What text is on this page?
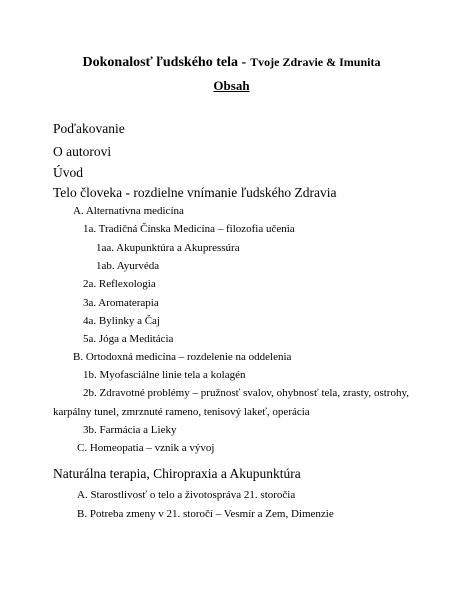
Dokonalosť ľudského tela - Tvoje Zdravie & Imunita
Obsah
Poďakovanie
O autorovi
Úvod
Telo človeka - rozdielne vnímanie ľudského Zdravia
A. Alternatívna medicína
1a. Tradičná Čínska Medicína – filozofia učenia
1aa. Akupunktúra a Akupressúra
1ab. Ayurvéda
2a. Reflexologia
3a. Aromaterapia
4a. Bylinky a Čaj
5a. Jóga a Meditácia
B. Ortodoxná medicína – rozdelenie na oddelenia
1b. Myofasciálne linie tela a kolagén
2b. Zdravotné problémy – pružnosť svalov, ohybnosť tela, zrasty, ostrohy,
karpálny tunel, zmrznuté rameno, tenisový lakeť, operácia
3b. Farmácia a Lieky
C. Homeopatia – vznik a vývoj
Naturálna terapia, Chiropraxia a Akupunktúra
A. Starostlivosť o telo a životospráva 21. storočia
B. Potreba zmeny v 21. storočí – Vesmír a Zem, Dimenzie
